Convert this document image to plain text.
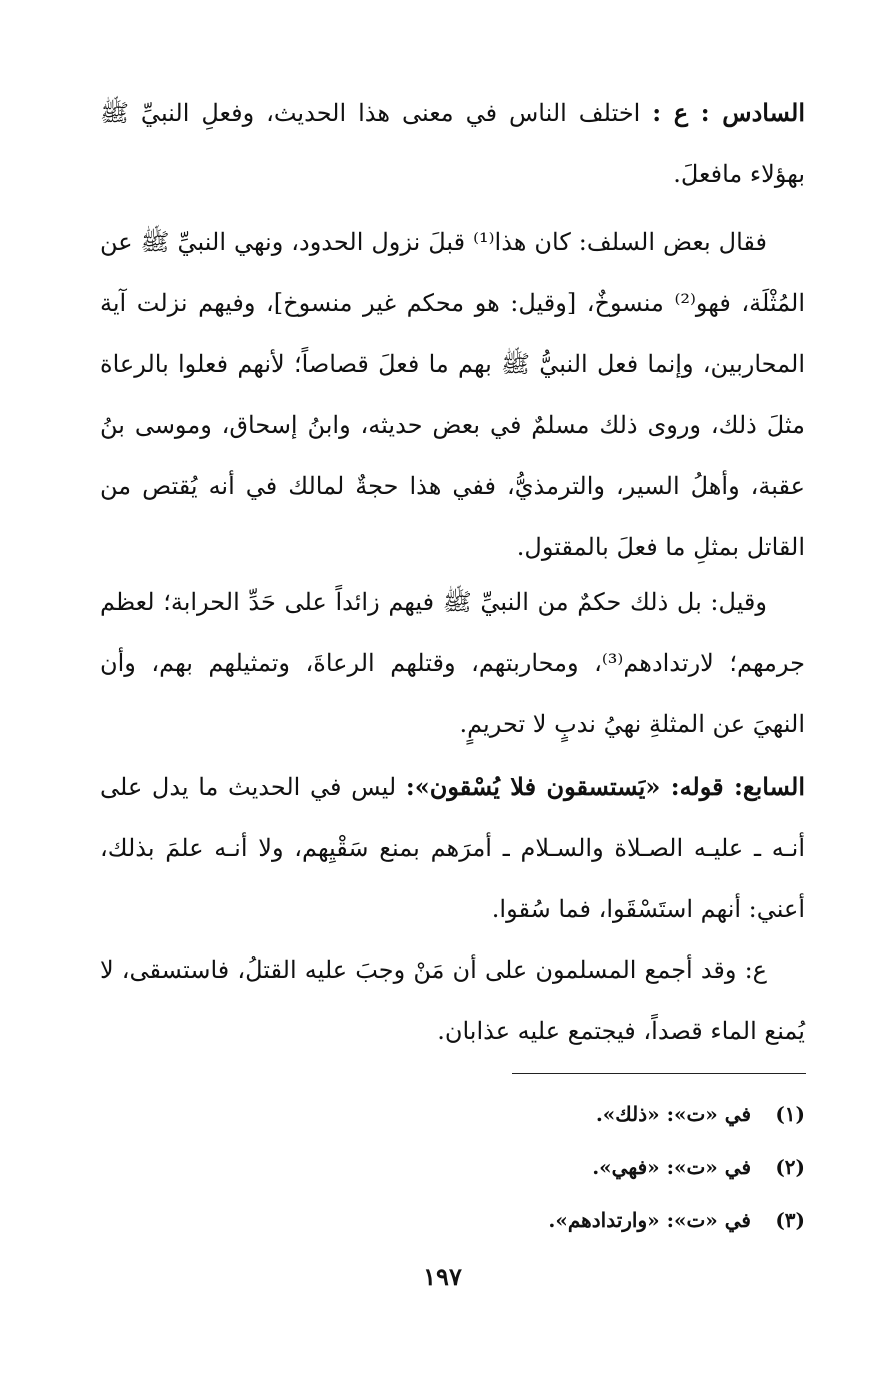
السادس : ع : اختلف الناس في معنى هذا الحديث، وفعلِ النبيِّ ﷺ بهؤلاء مافعلَ.

فقال بعض السلف: كان هذا⁽¹⁾ قبلَ نزول الحدود، ونهي النبيِّ ﷺ عن المُثْلَة، فهو⁽²⁾ منسوخٌ، [وقيل: هو محكم غير منسوخ]، وفيهم نزلت آية المحاربين، وإنما فعل النبيُّ ﷺ بهم ما فعلَ قصاصاً؛ لأنهم فعلوا بالرعاة مثلَ ذلك، وروى ذلك مسلمٌ في بعض حديثه، وابنُ إسحاق، وموسى بنُ عقبة، وأهلُ السير، والترمذيُّ، ففي هذا حجةٌ لمالك في أنه يُقتص من القاتل بمثلِ ما فعلَ بالمقتول.

وقيل: بل ذلك حكمٌ من النبيِّ ﷺ فيهم زائداً على حَدِّ الحرابة؛ لعظم جرمهم؛ لارتدادهم⁽³⁾، ومحاربتهم، وقتلهم الرعاةَ، وتمثيلهم بهم، وأن النهيَ عن المثلةِ نهيُ ندبٍ لا تحريمٍ.

السابع: قوله: «يَستسقون فلا يُسْقون»: ليس في الحديث ما يدل على أنـه ـ عليـه الصـلاة والسـلام ـ أمرَهم بمنع سَقْيِهم، ولا أنـه علمَ بذلك، أعني: أنهم استَسْقَوا، فما سُقوا.

ع: وقد أجمع المسلمون على أن مَنْ وجبَ عليه القتلُ، فاستسقى، لا يُمنع الماء قصداً، فيجتمع عليه عذابان.

(١)في «ت»: «ذلك».
(٢)في «ت»: «فهي».
(٣)في «ت»: «وارتدادهم».
١٩٧
